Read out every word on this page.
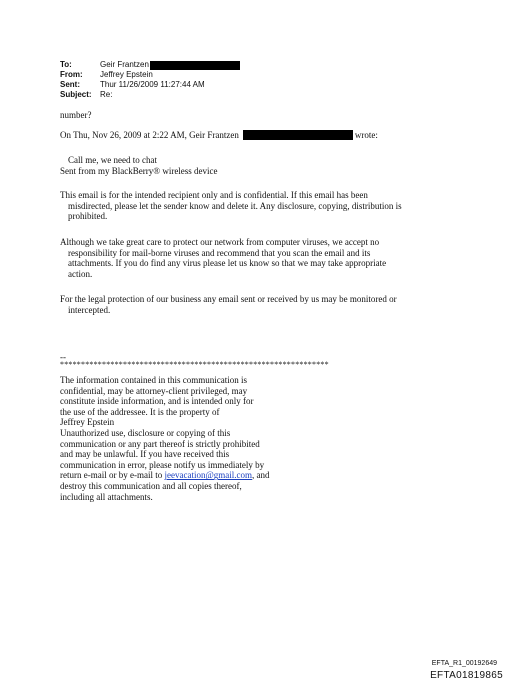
To:	Geir Frantzen
From:	Jeffrey Epstein
Sent:	Thur 11/26/2009 11:27:44 AM
Subject:	Re:
number?
On Thu, Nov 26, 2009 at 2:22 AM, Geir Frantzen	wrote:
Call me, we need to chat
Sent from my BlackBerry® wireless device
This email is for the intended recipient only and is confidential. If this email has been
misdirected, please let the sender know and delete it. Any disclosure, copying, distribution is
prohibited.
Although we take great care to protect our network from computer viruses, we accept no
responsibility for mail-borne viruses and recommend that you scan the email and its
attachments. If you do find any virus please let us know so that we may take appropriate
action.
For the legal protection of our business any email sent or received by us may be monitored or
intercepted.
--
****************************************************************
The information contained in this communication is
confidential, may be attorney-client privileged, may
constitute inside information, and is intended only for
the use of the addressee. It is the property of
Jeffrey Epstein
Unauthorized use, disclosure or copying of this
communication or any part thereof is strictly prohibited
and may be unlawful. If you have received this
communication in error, please notify us immediately by
return e-mail or by e-mail to jeevacation@gmail.com, and
destroy this communication and all copies thereof,
including all attachments.
EFTA_R1_00192649
EFTA01819865
